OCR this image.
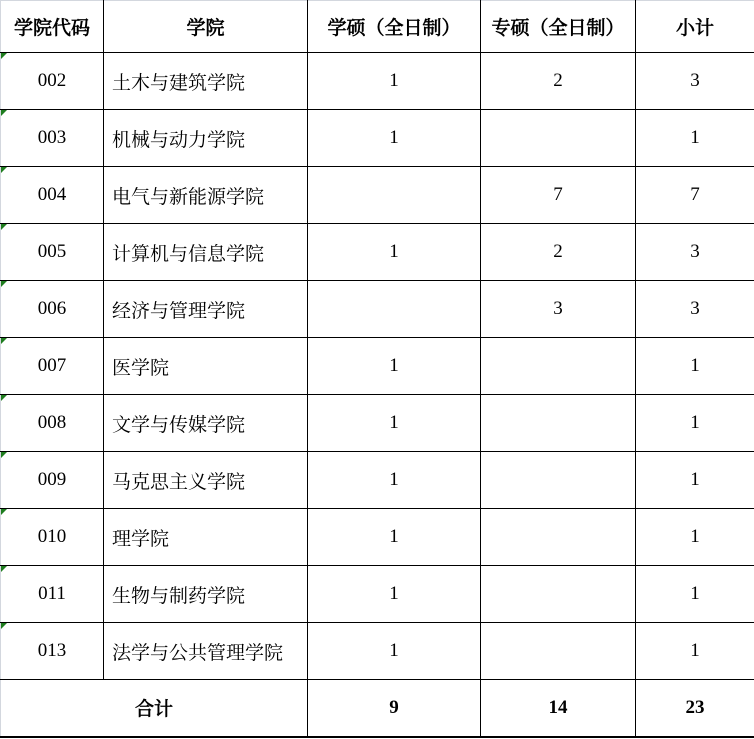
学院代码	学院	学硕（全日制）	专硕（全日制）	小计

002	土木与建筑学院	1	2	3

003	机械与动力学院	1		1

004	电气与新能源学院		7	7

005	计算机与信息学院	1	2	3

006	经济与管理学院		3	3

007	医学院	1		1

008	文学与传媒学院	1		1

009	马克思主义学院	1		1

010	理学院	1		1

011	生物与制药学院	1		1

013	法学与公共管理学院	1		1
合计		9	14	23
